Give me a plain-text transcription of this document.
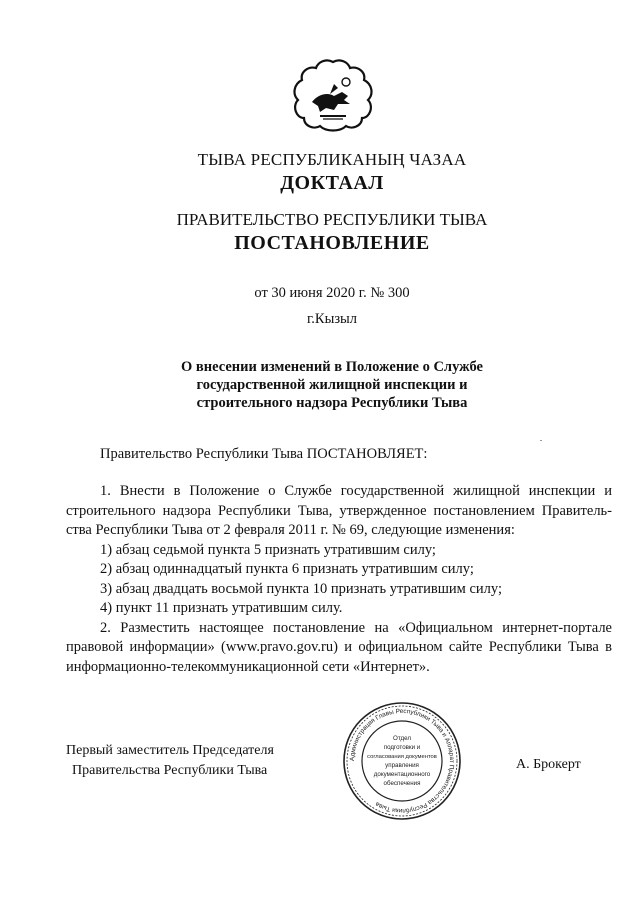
ТЫВА РЕСПУБЛИКАНЫҢ ЧАЗАА
ДОКТААЛ
ПРАВИТЕЛЬСТВО РЕСПУБЛИКИ ТЫВА
ПОСТАНОВЛЕНИЕ
от 30 июня 2020 г. № 300
г.Кызыл
О внесении изменений в Положение о Службе
государственной жилищной инспекции и
строительного надзора Республики Тыва
Правительство Республики Тыва ПОСТАНОВЛЯЕТ:
1. Внести в Положение о Службе государственной жилищной инспекции и
строительного надзора Республики Тыва, утвержденное постановлением Правитель-
ства Республики Тыва от 2 февраля 2011 г. № 69, следующие изменения:
1) абзац седьмой пункта 5 признать утратившим силу;
2) абзац одиннадцатый пункта 6 признать утратившим силу;
3) абзац двадцать восьмой пункта 10 признать утратившим силу;
4) пункт 11 признать утратившим силу.
2. Разместить настоящее постановление на «Официальном интернет-портале
правовой информации» (www.pravo.gov.ru) и официальном сайте Республики Тыва в
информационно-телекоммуникационной сети «Интернет».
Первый заместитель Председателя
Правительства Республики Тыва	А. Брокерт
Администрация Главы Республики Тыва и Аппарат Правительства Республики Тыва
Отдел
подготовки и
согласования документов
управления
документационного
обеспечения
